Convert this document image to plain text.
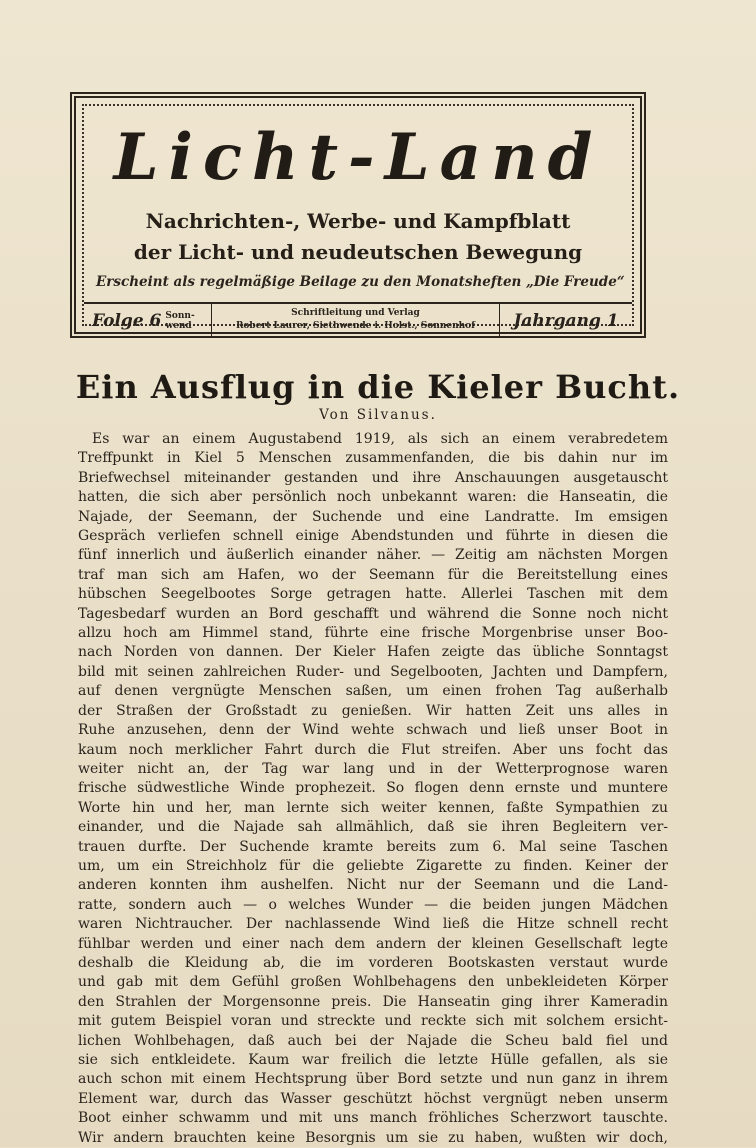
Licht-Land
Nachrichten-, Werbe- und Kampfblatt
der Licht- und neudeutschen Bewegung
Erscheint als regelmäßige Beilage zu den Monatsheften „Die Freude“
Folge 6 Sonn-
wend
Schriftleitung und Verlag
Robert Laurer, Siethwende i. Holst., Sonnenhof	Jahrgang 1
Ein Ausflug in die Kieler Bucht.
Von Silvanus.
Es war an einem Augustabend 1919, als sich an einem verabredetem
Treffpunkt in Kiel 5 Menschen zusammenfanden, die bis dahin nur im
Briefwechsel miteinander gestanden und ihre Anschauungen ausgetauscht
hatten, die sich aber persönlich noch unbekannt waren: die Hanseatin, die
Najade, der Seemann, der Suchende und eine Landratte. Im emsigen
Gespräch verliefen schnell einige Abendstunden und führte in diesen die
fünf innerlich und äußerlich einander näher. — Zeitig am nächsten Morgen
traf man sich am Hafen, wo der Seemann für die Bereitstellung eines
hübschen Seegelbootes Sorge getragen hatte. Allerlei Taschen mit dem
Tagesbedarf wurden an Bord geschafft und während die Sonne noch nicht
allzu hoch am Himmel stand, führte eine frische Morgenbrise unser Boo-
nach Norden von dannen. Der Kieler Hafen zeigte das übliche Sonntagst
bild mit seinen zahlreichen Ruder- und Segelbooten, Jachten und Dampfern,
auf denen vergnügte Menschen saßen, um einen frohen Tag außerhalb
der Straßen der Großstadt zu genießen. Wir hatten Zeit uns alles in
Ruhe anzusehen, denn der Wind wehte schwach und ließ unser Boot in
kaum noch merklicher Fahrt durch die Flut streifen. Aber uns focht das
weiter nicht an, der Tag war lang und in der Wetterprognose waren
frische südwestliche Winde prophezeit. So flogen denn ernste und muntere
Worte hin und her, man lernte sich weiter kennen, faßte Sympathien zu
einander, und die Najade sah allmählich, daß sie ihren Begleitern ver-
trauen durfte. Der Suchende kramte bereits zum 6. Mal seine Taschen
um, um ein Streichholz für die geliebte Zigarette zu finden. Keiner der
anderen konnten ihm aushelfen. Nicht nur der Seemann und die Land-
ratte, sondern auch — o welches Wunder — die beiden jungen Mädchen
waren Nichtraucher. Der nachlassende Wind ließ die Hitze schnell recht
fühlbar werden und einer nach dem andern der kleinen Gesellschaft legte
deshalb die Kleidung ab, die im vorderen Bootskasten verstaut wurde
und gab mit dem Gefühl großen Wohlbehagens den unbekleideten Körper
den Strahlen der Morgensonne preis. Die Hanseatin ging ihrer Kameradin
mit gutem Beispiel voran und streckte und reckte sich mit solchem ersicht-
lichen Wohlbehagen, daß auch bei der Najade die Scheu bald fiel und
sie sich entkleidete. Kaum war freilich die letzte Hülle gefallen, als sie
auch schon mit einem Hechtsprung über Bord setzte und nun ganz in ihrem
Element war, durch das Wasser geschützt höchst vergnügt neben unserm
Boot einher schwamm und mit uns manch fröhliches Scherzwort tauschte.
Wir andern brauchten keine Besorgnis um sie zu haben, wußten wir doch,
